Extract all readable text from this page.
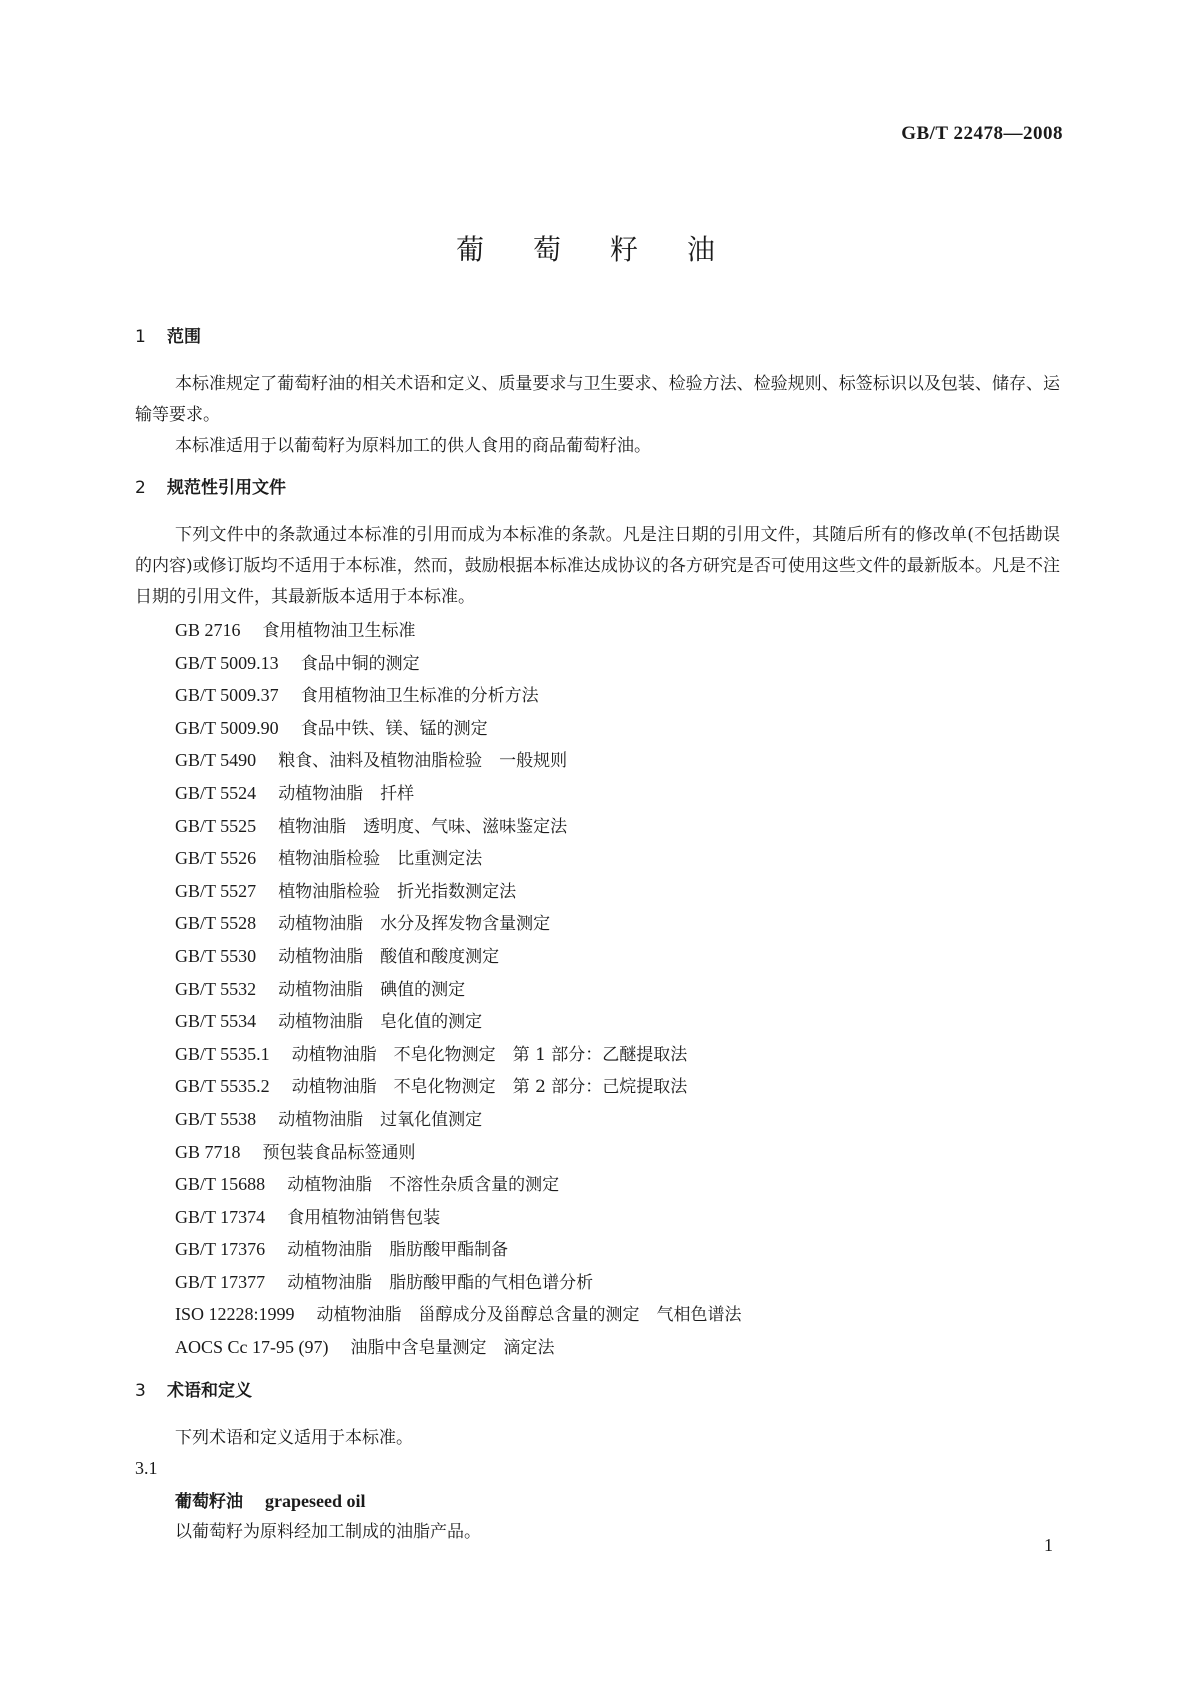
GB/T 22478—2008
葡 萄 籽 油
1 范围

本标准规定了葡萄籽油的相关术语和定义、质量要求与卫生要求、检验方法、检验规则、标签标识以及包装、储存、运输等要求。

本标准适用于以葡萄籽为原料加工的供人食用的商品葡萄籽油。

2 规范性引用文件

下列文件中的条款通过本标准的引用而成为本标准的条款。凡是注日期的引用文件，其随后所有的修改单(不包括勘误的内容)或修订版均不适用于本标准，然而，鼓励根据本标准达成协议的各方研究是否可使用这些文件的最新版本。凡是不注日期的引用文件，其最新版本适用于本标准。

GB 2716 食用植物油卫生标准
GB/T 5009.13 食品中铜的测定
GB/T 5009.37 食用植物油卫生标准的分析方法
GB/T 5009.90 食品中铁、镁、锰的测定
GB/T 5490 粮食、油料及植物油脂检验　一般规则
GB/T 5524 动植物油脂　扦样
GB/T 5525 植物油脂　透明度、气味、滋味鉴定法
GB/T 5526 植物油脂检验　比重测定法
GB/T 5527 植物油脂检验　折光指数测定法
GB/T 5528 动植物油脂　水分及挥发物含量测定
GB/T 5530 动植物油脂　酸值和酸度测定
GB/T 5532 动植物油脂　碘值的测定
GB/T 5534 动植物油脂　皂化值的测定
GB/T 5535.1 动植物油脂　不皂化物测定　第 1 部分：乙醚提取法
GB/T 5535.2 动植物油脂　不皂化物测定　第 2 部分：己烷提取法
GB/T 5538 动植物油脂　过氧化值测定
GB 7718 预包装食品标签通则
GB/T 15688 动植物油脂　不溶性杂质含量的测定
GB/T 17374 食用植物油销售包装
GB/T 17376 动植物油脂　脂肪酸甲酯制备
GB/T 17377 动植物油脂　脂肪酸甲酯的气相色谱分析
ISO 12228:1999 动植物油脂　甾醇成分及甾醇总含量的测定　气相色谱法
AOCS Cc 17-95 (97) 油脂中含皂量测定　滴定法
3 术语和定义

下列术语和定义适用于本标准。

3.1
葡萄籽油 grapeseed oil
以葡萄籽为原料经加工制成的油脂产品。
1
